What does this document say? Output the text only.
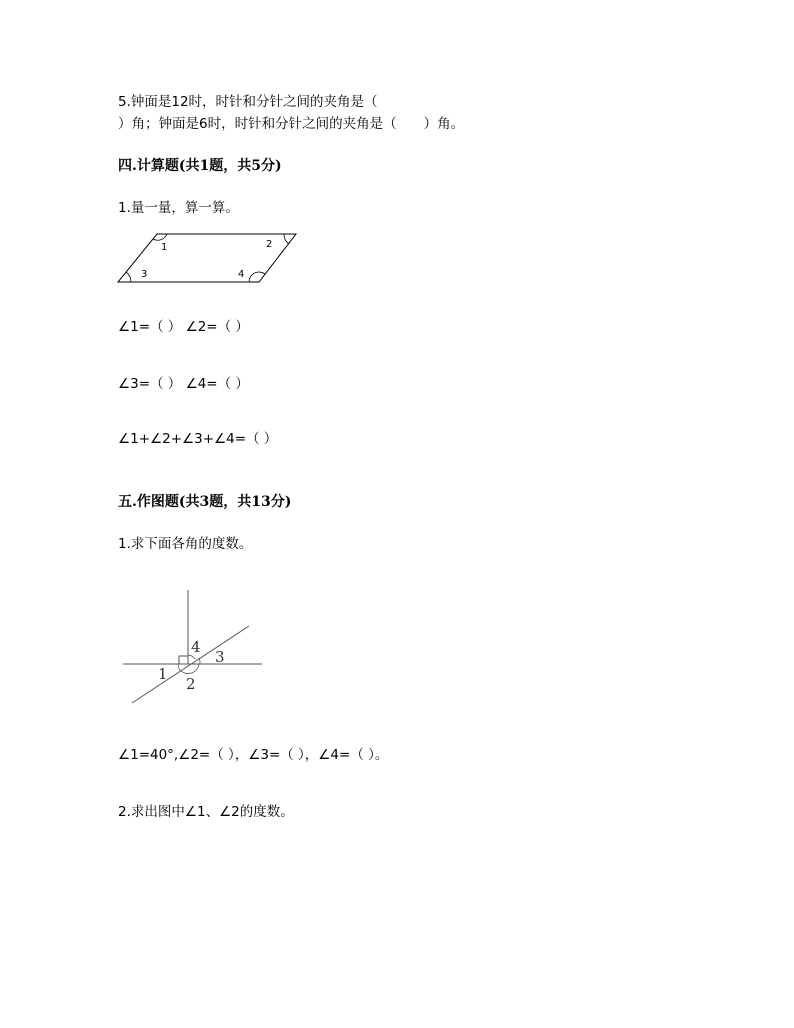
5.钟面是12时，时针和分针之间的夹角是（
）角；钟面是6时，时针和分针之间的夹角是（　　）角。
四.计算题(共1题，共5分)
1.量一量，算一算。
1	2
3	4
∠1=（ ） ∠2=（ ）
∠3=（ ） ∠4=（ ）
∠1+∠2+∠3+∠4=（ ）
五.作图题(共3题，共13分)
1.求下面各角的度数。
4
3
1
2
∠1=40°,∠2=（ ），∠3=（ ），∠4=（ ）。
2.求出图中∠1、∠2的度数。
